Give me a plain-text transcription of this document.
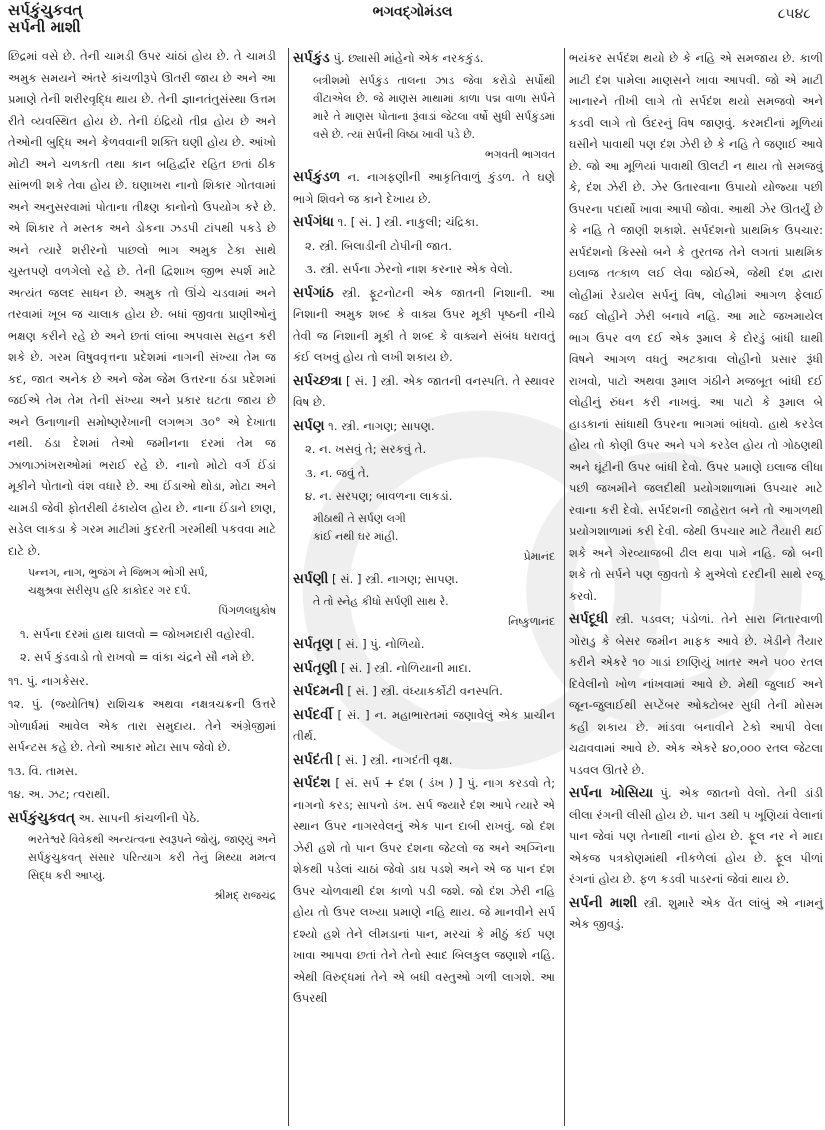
સર્પકુંચુકવત્
સર્પની માશી
ભગવદ્ગોમંડલ	૮૫૪૮

છિદ્રમાં વસે છે. તેની ચામડી ઉપર ચાંઠાં હોય છે. તે ચામડી અમુક સમયને અંતરે કાંચળીરૂપે ઊતરી જાય છે અને આ પ્રમાણે તેની શરીરવૃદ્ધિ થાય છે. તેની જ્ઞાનતંતુસંસ્થા ઉત્તમ રીતે વ્યવસ્થિત હોય છે. તેની ઇંદ્રિયો તીવ્ર હોય છે અને તેઓની બુદ્ધિ અને કેળવવાની શક્તિ ઘણી હોય છે. આંખો મોટી અને ચળકતી તથા કાન બહિર્દ્વાર રહિત છતાં ઠીક સાંભળી શકે તેવા હોય છે. ઘણાખરા નાનો શિકાર ગોતવામાં અને અનુસરવામાં પોતાના તીક્ષ્ણ કાનોનો ઉપયોગ કરે છે. એ શિકાર તે મસ્તક અને ડોકના ઝડપી ટાંપથી પકડે છે અને ત્યારે શરીરનો પાછલો ભાગ અમુક ટેકા સાથે ચુસ્તપણે વળગેલો રહે છે. તેની દ્વિશાખ જીભ સ્પર્શ માટે અત્યંત જલદ સાધન છે. અમુક તો ઊંચે ચડવામાં અને તરવામાં ખૂબ જ ચાલાક હોય છે. બધાં જીવતા પ્રાણીઓનું ભક્ષણ કરીને રહે છે અને છતાં લાંબા અપવાસ સહન કરી શકે છે. ગરમ વિષુવવૃત્તના પ્રદેશમાં નાગની સંખ્યા તેમ જ કદ, જાત અનેક છે અને જેમ જેમ ઉત્તરના ઠંડા પ્રદેશમાં જઈએ તેમ તેમ તેની સંખ્યા અને પ્રકાર ઘટતા જાય છે અને ઉનાળાની સમોષ્ણરેખાની લગભગ ૩૦° એ દેખાતા નથી. ઠંડા દેશમાં તેઓ જમીનના દરમાં તેમ જ ઝાળાઝાંખરાઓમાં ભરાઈ રહે છે. નાનો મોટો વર્ગ ઈંડાં મૂકીને પોતાનો વંશ વધારે છે. આ ઈંડાઓ થોડા, મોટા અને ચામડી જેવી ફોતરીથી ઢંકાયેલ હોય છે. નાના ઈંડાને છાણ, સડેલ લાકડા કે ગરમ માટીમાં કુદરતી ગરમીથી પકવવા માટે દાટે છે.

પન્નગ, નાગ, ભુજંગ ને જિભગ ભોગી સર્પ,

ચક્ષુશ્રવા સરીસૃપ હરિ કાકોદર ગર દર્પ.

પિંગળલઘુકોષ

૧. સર્પના દરમાં હાથ ઘાલવો = જોખમદારી વહોરવી.

૨. સર્પ કુંડવાડો તો રાખવો = વાંકા ચંદ્રને સૌ નમે છે.

૧૧. પું. નાગકેસર.

૧૨. પું. (જ્યોતિષ) રાશિચક્ર અથવા નક્ષત્રચક્રની ઉત્તરે ગોળાર્ધમાં આવેલ એક તારા સમુદાય. તેને અંગ્રેજીમાં સર્પન્ટસ કહે છે. તેનો આકાર મોટા સાપ જેવો છે.

૧૩. વિ. તામસ.

૧૪. અ. ઝટ; ત્વરાથી.

સર્પકુંચુકવત્ અ. સાપની કાંચળીની પેઠે.

ભરતેશ્વરે વિવેકથી અન્યત્વના સ્વરૂપને જોયું, જાણ્યું અને સર્પકુંચુકવત્ સંસાર પરિત્યાગ કરી તેનું મિથ્યા મમત્વ સિદ્ધ કરી આપ્યું.

શ્રીમદ્ રાજચંદ્ર

સર્પકુંડ પું. છ્યાસી માંહેનો એક નરકકુંડ.

બત્રીશમો સર્પકુંડ તાલના ઝાડ જેવા કરોડો સર્પોથી વીંટાએલ છે. જે માણસ માથામાં કાળા પદ્મ વાળા સર્પને મારે તે માણસ પોતાના રૂંવાડાં જેટલા વર્ષો સુધી સર્પકુંડમાં વસે છે. ત્યાં સર્પની વિષ્ઠા ખાવી પડે છે.

ભગવતી ભાગવત

સર્પકુંડળ ન. નાગફણીની આકૃતિવાળું કુંડળ. તે ઘણે ભાગે શિવને જ કાને દેખાય છે.

સર્પગંધા ૧. [ સં. ] સ્ત્રી. નાકુલી; ચંદ્રિકા.

૨. સ્ત્રી. બિલાડીની ટોપીની જાત.

૩. સ્ત્રી. સર્પના ઝેરનો નાશ કરનાર એક વેલો.

સર્પગાંઠ સ્ત્રી. ફૂટનોટની એક જાતની નિશાની. આ નિશાની અમુક શબ્દ કે વાક્ય ઉપર મૂકી પૃષ્ઠની નીચે તેવી જ નિશાની મૂકી તે શબ્દ કે વાક્યને સંબંધ ધરાવતું કંઈ લખવું હોય તો લખી શકાય છે.

સર્પચ્છત્રા [ સં. ] સ્ત્રી. એક જાતની વનસ્પતિ. તે સ્થાવર વિષ છે.

સર્પણ ૧. સ્ત્રી. નાગણ; સાપણ.

૨. ન. ખસવું તે; સરકવું તે.

૩. ન. જવું તે.

૪. ન. સરપણ; બાવળના લાકડાં.

મીઠાથી તે સર્પણ લગી

કાંઈ નથી ઘર માંહી.

પ્રેમાનંદ

સર્પણી [ સં. ] સ્ત્રી. નાગણ; સાપણ.

તે તો સ્નેહ કીધો સર્પણી સાથ રે.

નિષ્કુળાનંદ

સર્પતૃણ [ સં. ] પું. નોળિયો.

સર્પતૃણી [ સં. ] સ્ત્રી. નોળિયાની માદા.

સર્પદમની [ સં. ] સ્ત્રી. વંધ્યાકર્કોટી વનસ્પતિ.

સર્પદર્વી [ સં. ] ન. મહાભારતમાં જણાવેલું એક પ્રાચીન તીર્થ.

સર્પદંતી [ સં. ] સ્ત્રી. નાગદંતી વૃક્ષ.

સર્પદંશ [ સં. સર્પ + દંશ ( ડંખ ) ] પું. નાગ કરડવો તે; નાગનો કરડ; સાપનો ડંખ. સર્પ જ્યારે દંશ આપે ત્યારે એ સ્થાન ઉપર નાગરવેલનું એક પાન દાબી રાખવું. જો દંશ ઝેરી હશે તો પાન ઉપર દંશના જેટલો જ અને અગ્નિના શેકથી પડેલાં ચાઠાં જેવો ડાઘ પડશે અને એ જ પાન દંશ ઉપર ચોળવાથી દંશ કાળો પડી જશે. જો દંશ ઝેરી નહિ હોય તો ઉપર લખ્યા પ્રમાણે નહિ થાય. જે માનવીને સર્પ દશ્યો હશે તેને લીમડાનાં પાન, મરચાં કે મીઠું કંઈ પણ ખાવા આપવા છતાં તેને તેનો સ્વાદ બિલકુલ જણાશે નહિ. એથી વિરુદ્ધમાં તેને એ બધી વસ્તુઓ ગળી લાગશે. આ ઉપરથી

ભયંકર સર્પદંશ થયો છે કે નહિ એ સમજાય છે. કાળી માટી દંશ પામેલા માણસને ખાવા આપવી. જો એ માટી ખાનારને તીખી લાગે તો સર્પદંશ થયો સમજવો અને કડવી લાગે તો ઉંદરનું વિષ જાણવું. કરમદીનાં મૂળિયાં ઘસીને પાવાથી પણ દંશ ઝેરી છે કે નહિ તે જણાઈ આવે છે. જો આ મૂળિયાં પાવાથી ઊલટી ન થાય તો સમજવું કે, દંશ ઝેરી છે. ઝેર ઉતારવાના ઉપાયો યોજ્યા પછી ઉપરના પદાર્થો ખાવા આપી જોવા. આથી ઝેર ઊતર્યું છે કે નહિ તે જાણી શકાશે. સર્પદંશનો પ્રાથમિક ઉપચાર: સર્પદંશનો કિસ્સો બને કે તુરતજ તેને લગતાં પ્રાથમિક ઇલાજ તત્કાળ લઈ લેવા જોઈએ, જેથી દંશ દ્વારા લોહીમાં રેડાયેલ સર્પનું વિષ, લોહીમાં આગળ ફેલાઈ જઈ લોહીને ઝેરી બનાવે નહિ. આ માટે જખમાયેલ ભાગ ઉપર વળ દઈ એક રૂમાલ કે દોરડું બાંધી ઘાથી વિષને આગળ વધતું અટકાવા લોહીનો પ્રસાર રૂંધી રાખવો, પાટો અથવા રૂમાલ ગંઠીને મજબૂત બાંધી દઈ લોહીનું રુંધન કરી નાખવું. આ પાટો કે રૂમાલ બે હાડકાનાં સાંધાથી ઉપરના ભાગમાં બાંધવો. હાથે કરડેલ હોય તો કોણી ઉપર અને પગે કરડેલ હોય તો ગોઠણથી અને ઘૂંટીની ઉપર બાંધી દેવો. ઉપર પ્રમાણે ઇલાજ લીધા પછી જખમીને જલદીથી પ્રયોગશાળામાં ઉપચાર માટે રવાના કરી દેવો. સર્પદંશની જાહેરાત બને તો આગળથી પ્રયોગશાળામાં કરી દેવી. જેથી ઉપચાર માટે તૈયારી થઈ શકે અને ગેરવ્યાજબી ઢીલ થવા પામે નહિ. જો બની શકે તો સર્પને પણ જીવતો કે મુએલો દરદીની સાથે રજૂ કરવો.

સર્પદૂધી સ્ત્રી. પડવલ; પંડોળાં. તેને સારા નિતારવાળી ગોરાડુ કે બેસર જમીન માફક આવે છે. ખેડીને તૈયાર કરીને એકરે ૧૦ ગાડાં છાણિયું ખાતર અને ૫૦૦ રતલ દિવેલીનો ખોળ નાંખવામાં આવે છે. મેથી જુલાઈ અને જૂન-જુલાઈથી સપ્ટેંબર ઓક્ટોબર સુધી તેની મોસમ કહી શકાય છે. માંડવા બનાવીને ટેકો આપી વેલા ચઢાવવામાં આવે છે. એક એકરે ૪૦,૦૦૦ રતલ જેટલા પડવલ ઊતરે છે.

સર્પના ખોસિયા પું. એક જાતનો વેલો. તેની ડાંડી લીલા રંગની લીસી હોય છે. પાન ૩થી ૫ ખૂણિયાં વેલાનાં પાન જેવાં પણ તેનાથી નાનાં હોય છે. ફૂલ નર ને માદા એકજ પત્રકોણમાંથી નીકળેલાં હોય છે. ફૂલ પીળાં રંગનાં હોય છે. ફળ કડવી પાડરનાં જેવાં થાય છે.

સર્પની માશી સ્ત્રી. શુમારે એક વેંત લાંબું એ નામનું એક જીવડું.
